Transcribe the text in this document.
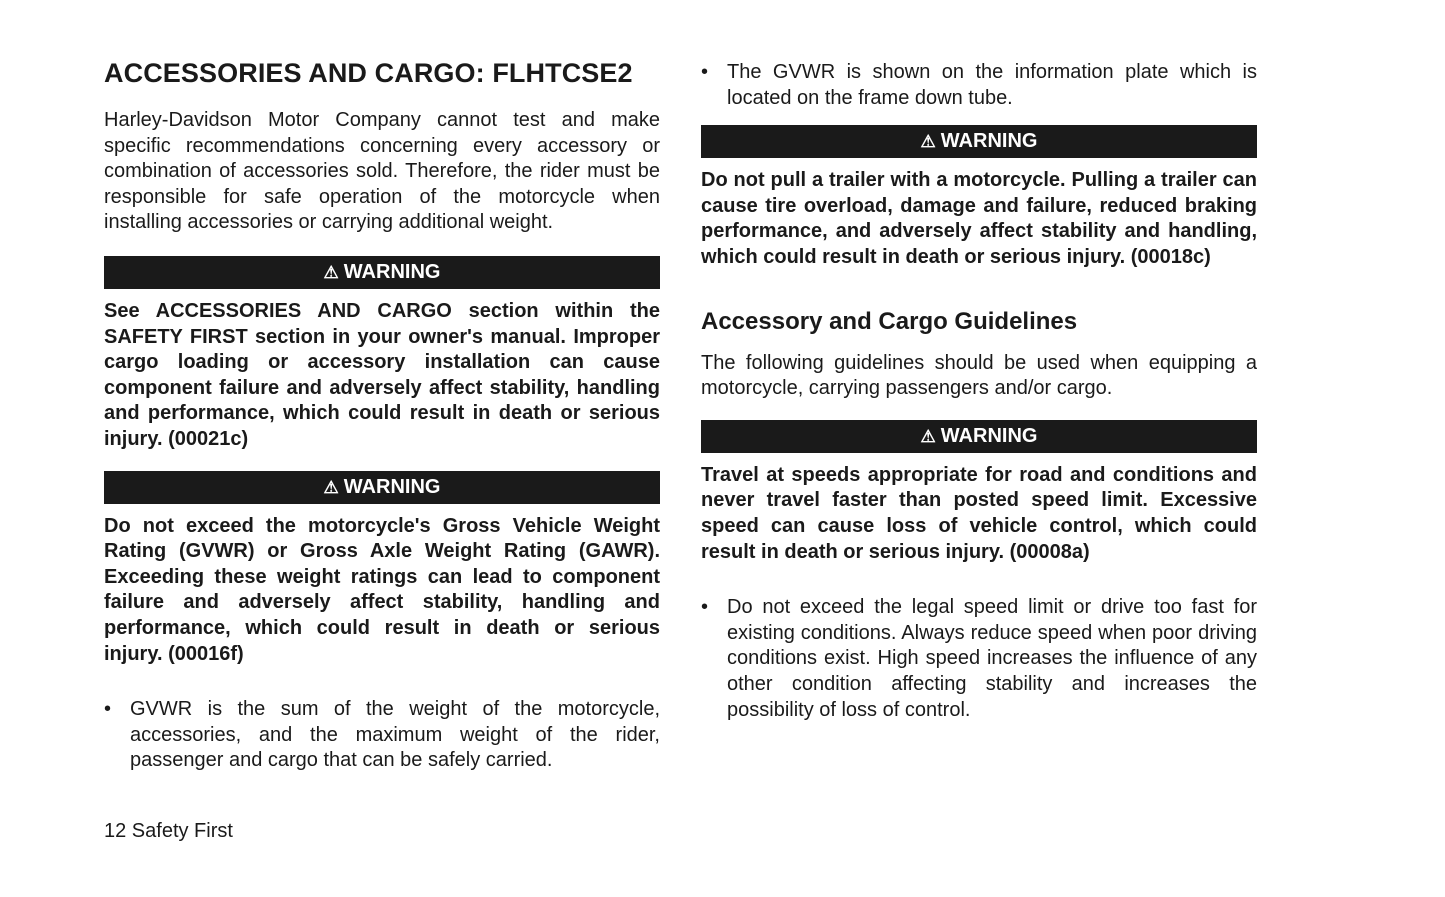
ACCESSORIES AND CARGO: FLHTCSE2

Harley-Davidson Motor Company cannot test and make specific recommendations concerning every accessory or combination of accessories sold. Therefore, the rider must be responsible for safe operation of the motorcycle when installing accessories or carrying additional weight.

⚠ WARNING

See ACCESSORIES AND CARGO section within the SAFETY FIRST section in your owner's manual. Improper cargo loading or accessory installation can cause component failure and adversely affect stability, handling and performance, which could result in death or serious injury. (00021c)

⚠ WARNING

Do not exceed the motorcycle's Gross Vehicle Weight Rating (GVWR) or Gross Axle Weight Rating (GAWR). Exceeding these weight ratings can lead to component failure and adversely affect stability, handling and performance, which could result in death or serious injury. (00016f)

• GVWR is the sum of the weight of the motorcycle, accessories, and the maximum weight of the rider, passenger and cargo that can be safely carried.
• The GVWR is shown on the information plate which is located on the frame down tube.
⚠ WARNING

Do not pull a trailer with a motorcycle. Pulling a trailer can cause tire overload, damage and failure, reduced braking performance, and adversely affect stability and handling, which could result in death or serious injury. (00018c)

Accessory and Cargo Guidelines

The following guidelines should be used when equipping a motorcycle, carrying passengers and/or cargo.

⚠ WARNING

Travel at speeds appropriate for road and conditions and never travel faster than posted speed limit. Excessive speed can cause loss of vehicle control, which could result in death or serious injury. (00008a)

• Do not exceed the legal speed limit or drive too fast for existing conditions. Always reduce speed when poor driving conditions exist. High speed increases the influence of any other condition affecting stability and increases the possibility of loss of control.
12 Safety First
